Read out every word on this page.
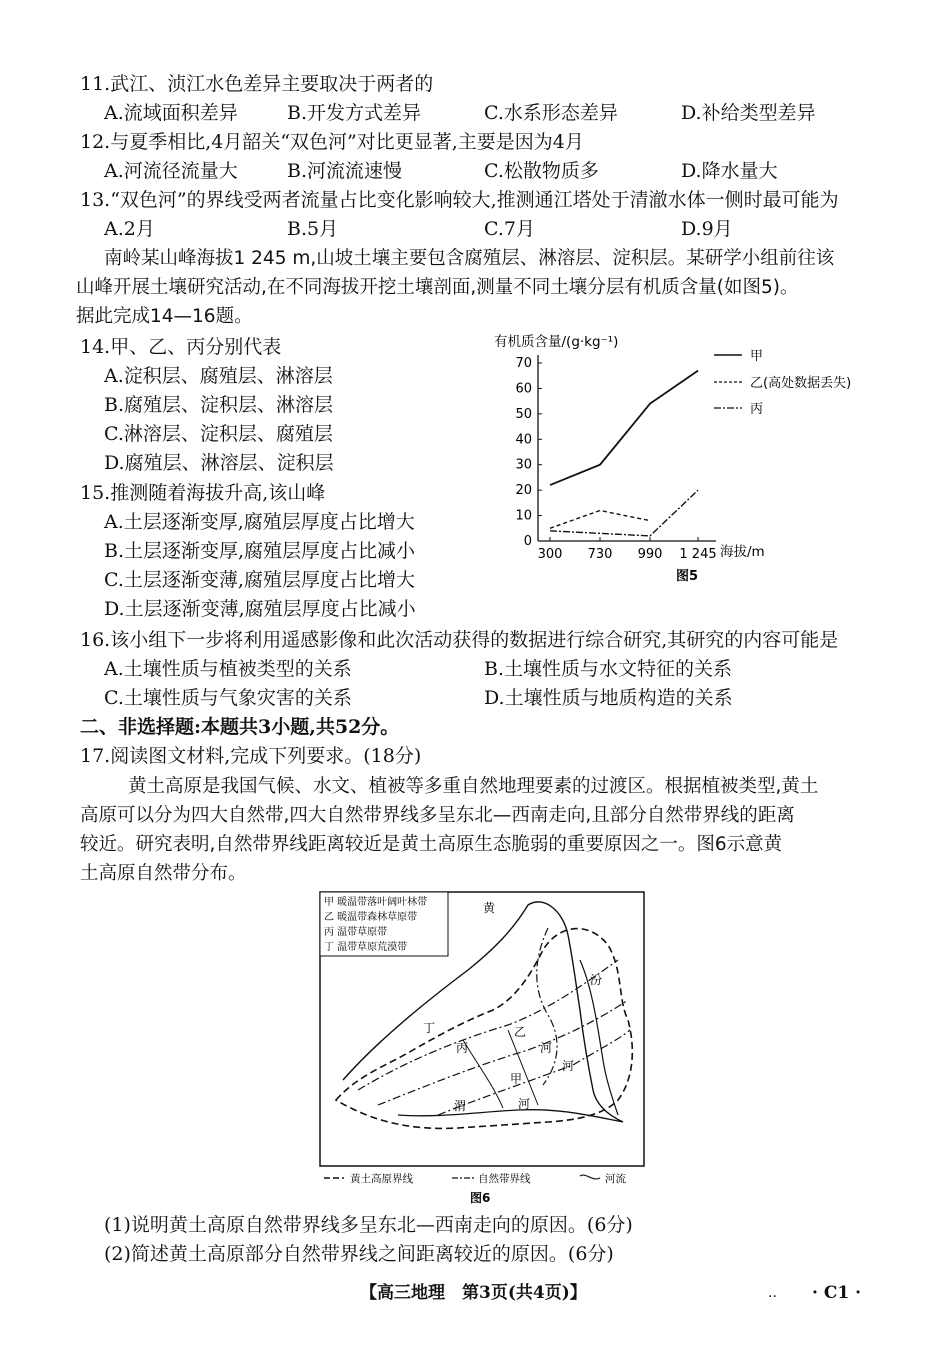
11.武江、浈江水色差异主要取决于两者的
A.流域面积差异	B.开发方式差异	C.水系形态差异	D.补给类型差异
12.与夏季相比,4月韶关“双色河”对比更显著,主要是因为4月
A.河流径流量大	B.河流流速慢	C.松散物质多	D.降水量大
13.“双色河”的界线受两者流量占比变化影响较大,推测通江塔处于清澈水体一侧时最可能为
A.2月	B.5月	C.7月	D.9月
南岭某山峰海拔1 245 m,山坡土壤主要包含腐殖层、淋溶层、淀积层。某研学小组前往该
山峰开展土壤研究活动,在不同海拔开挖土壤剖面,测量不同土壤分层有机质含量(如图5)。
据此完成14—16题。
14.甲、乙、丙分别代表
A.淀积层、腐殖层、淋溶层
B.腐殖层、淀积层、淋溶层
C.淋溶层、淀积层、腐殖层
D.腐殖层、淋溶层、淀积层
15.推测随着海拔升高,该山峰
A.土层逐渐变厚,腐殖层厚度占比增大
B.土层逐渐变厚,腐殖层厚度占比减小
C.土层逐渐变薄,腐殖层厚度占比增大
D.土层逐渐变薄,腐殖层厚度占比减小
有机质含量/(g·kg⁻¹)
0
10
20
30
40
50
60
70
300 730 990 1 245
甲
乙(高处数据丢失)
丙
海拔/m
图5
16.该小组下一步将利用遥感影像和此次活动获得的数据进行综合研究,其研究的内容可能是
A.土壤性质与植被类型的关系	B.土壤性质与水文特征的关系
C.土壤性质与气象灾害的关系	D.土壤性质与地质构造的关系
二、非选择题:本题共3小题,共52分。
17.阅读图文材料,完成下列要求。(18分)
黄土高原是我国气候、水文、植被等多重自然地理要素的过渡区。根据植被类型,黄土
高原可以分为四大自然带,四大自然带界线多呈东北—西南走向,且部分自然带界线的距离
较近。研究表明,自然带界线距离较近是黄土高原生态脆弱的重要原因之一。图6示意黄
土高原自然带分布。
甲 暖温带落叶阔叶林带
乙 暖温带森林草原带
丙 温带草原带
丁 温带草原荒漠带
黄
汾
河
河
渭	河
甲
乙
丙
丁
黄土高原界线	自然带界线	河流
图6
(1)说明黄土高原自然带界线多呈东北—西南走向的原因。(6分)
(2)简述黄土高原部分自然带界线之间距离较近的原因。(6分)
【高三地理　第3页(共4页)】	.. · C1 ·
